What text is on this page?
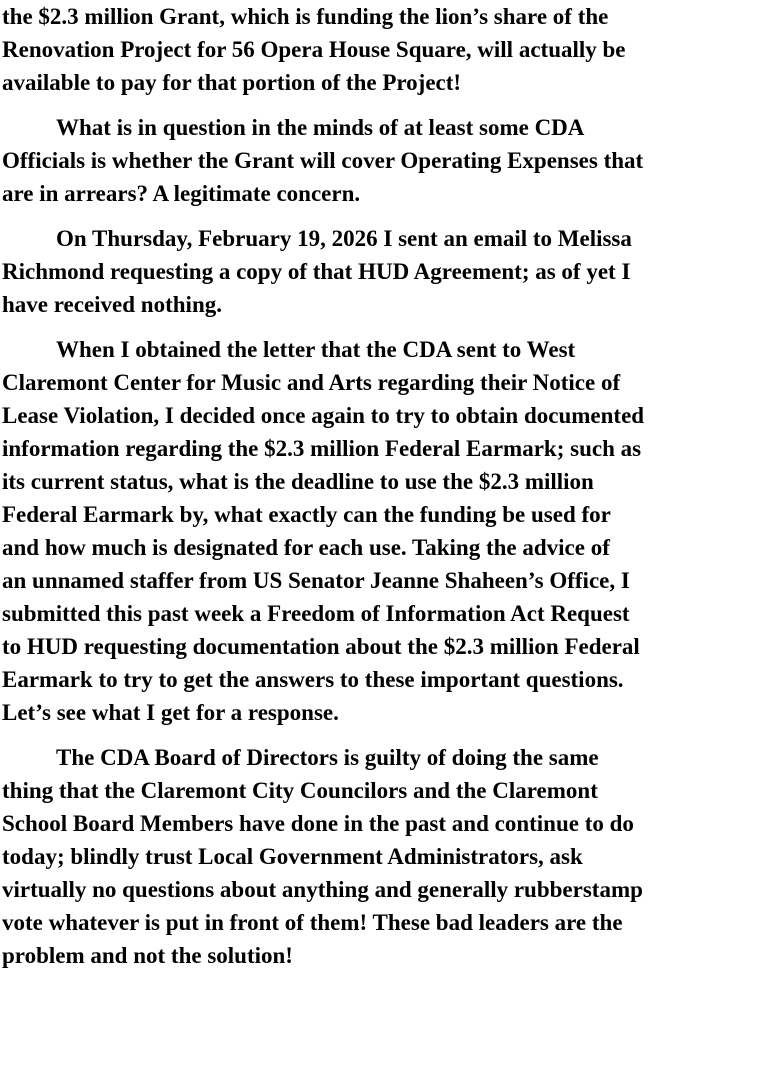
the $2.3 million Grant, which is funding the lion’s share of the
Renovation Project for 56 Opera House Square, will actually be
available to pay for that portion of the Project!

What is in question in the minds of at least some CDA
Officials is whether the Grant will cover Operating Expenses that
are in arrears? A legitimate concern.

On Thursday, February 19, 2026 I sent an email to Melissa
Richmond requesting a copy of that HUD Agreement; as of yet I
have received nothing.

When I obtained the letter that the CDA sent to West
Claremont Center for Music and Arts regarding their Notice of
Lease Violation, I decided once again to try to obtain documented
information regarding the $2.3 million Federal Earmark; such as
its current status, what is the deadline to use the $2.3 million
Federal Earmark by, what exactly can the funding be used for
and how much is designated for each use. Taking the advice of
an unnamed staffer from US Senator Jeanne Shaheen’s Office, I
submitted this past week a Freedom of Information Act Request
to HUD requesting documentation about the $2.3 million Federal
Earmark to try to get the answers to these important questions.
Let’s see what I get for a response.

The CDA Board of Directors is guilty of doing the same
thing that the Claremont City Councilors and the Claremont
School Board Members have done in the past and continue to do
today; blindly trust Local Government Administrators, ask
virtually no questions about anything and generally rubberstamp
vote whatever is put in front of them! These bad leaders are the
problem and not the solution!
